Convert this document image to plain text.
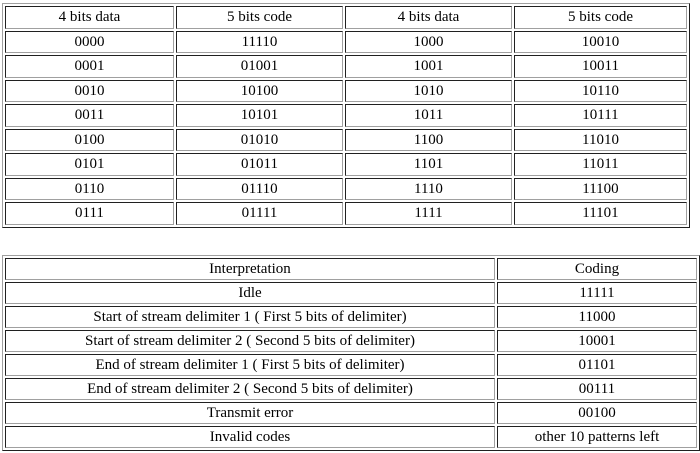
4 bits data	5 bits code	4 bits data	5 bits code
0000	11110	1000	10010
0001	01001	1001	10011
0010	10100	1010	10110
0011	10101	1011	10111
0100	01010	1100	11010
0101	01011	1101	11011
0110	01110	1110	11100
0111	01111	1111	11101
Interpretation	Coding
Idle	11111
Start of stream delimiter 1 ( First 5 bits of delimiter)	11000
Start of stream delimiter 2 ( Second 5 bits of delimiter)	10001
End of stream delimiter 1 ( First 5 bits of delimiter)	01101
End of stream delimiter 2 ( Second 5 bits of delimiter)	00111
Transmit error	00100
Invalid codes	other 10 patterns left
